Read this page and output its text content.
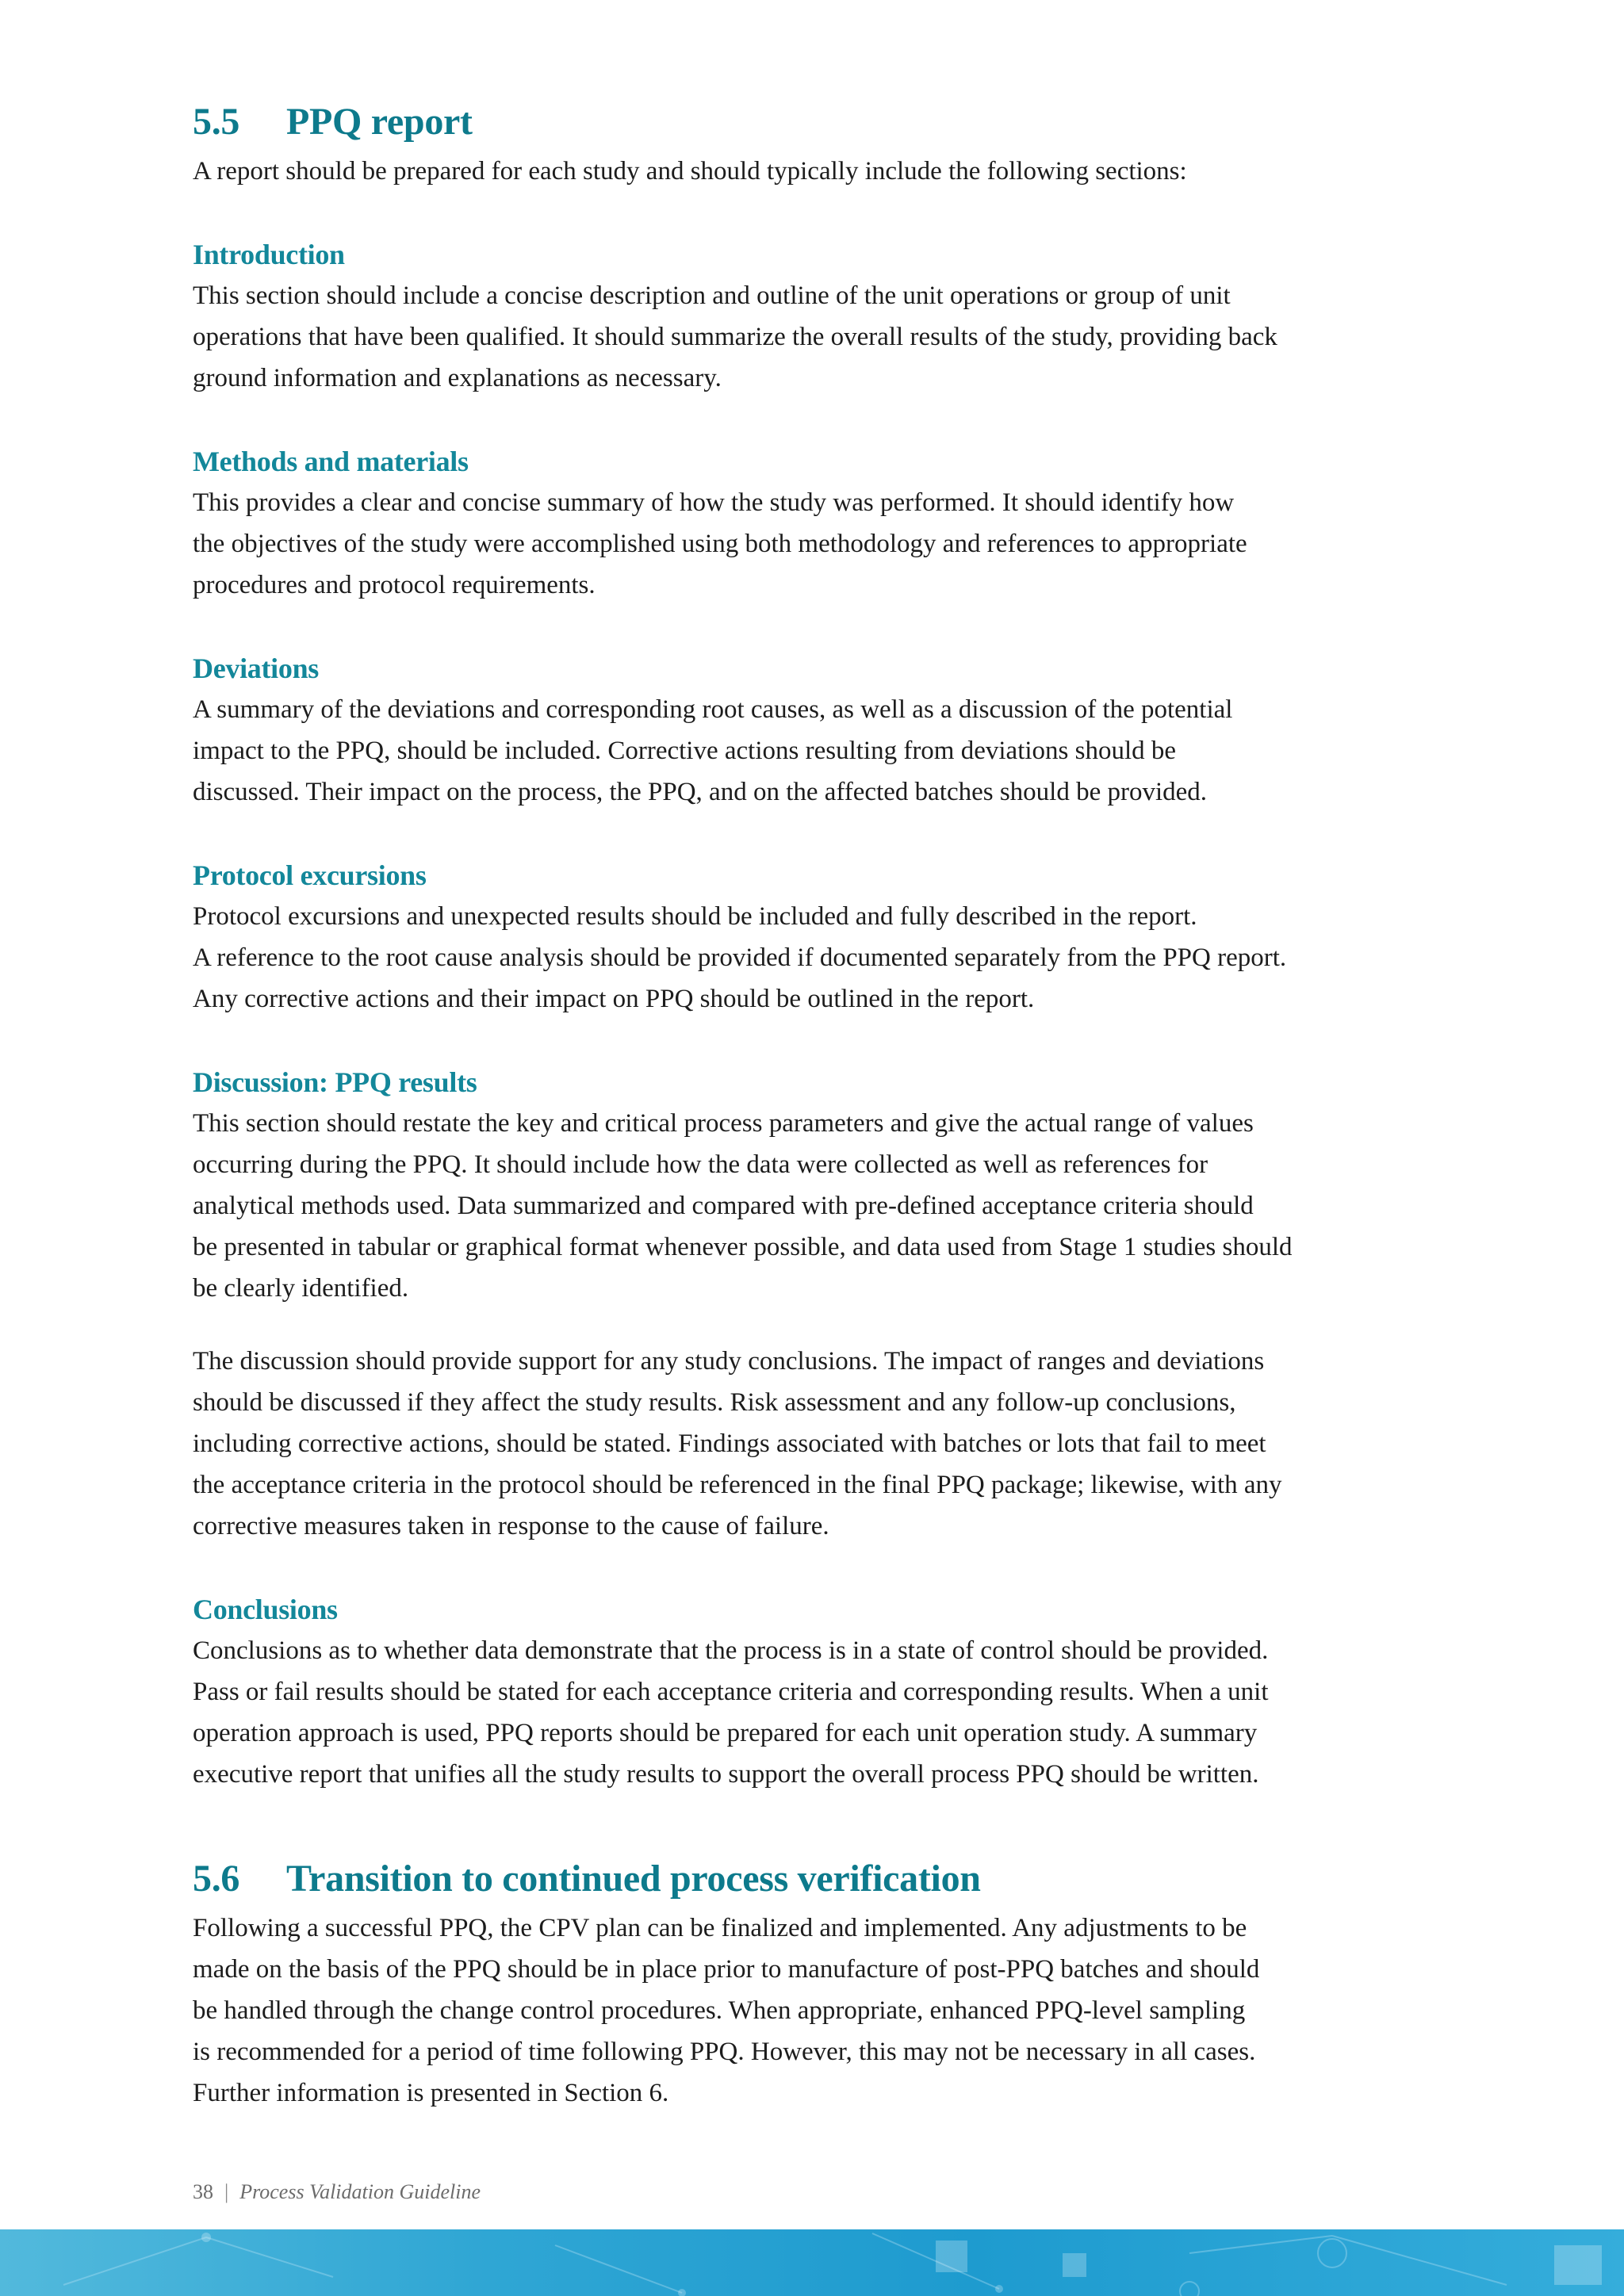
5.5 PPQ report

A report should be prepared for each study and should typically include the following sections:

Introduction

This section should include a concise description and outline of the unit operations or group of unit
operations that have been qualified. It should summarize the overall results of the study, providing back
ground information and explanations as necessary.

Methods and materials

This provides a clear and concise summary of how the study was performed. It should identify how
the objectives of the study were accomplished using both methodology and references to appropriate
procedures and protocol requirements.

Deviations

A summary of the deviations and corresponding root causes, as well as a discussion of the potential
impact to the PPQ, should be included. Corrective actions resulting from deviations should be
discussed. Their impact on the process, the PPQ, and on the affected batches should be provided.

Protocol excursions

Protocol excursions and unexpected results should be included and fully described in the report.
A reference to the root cause analysis should be provided if documented separately from the PPQ report.
Any corrective actions and their impact on PPQ should be outlined in the report.

Discussion: PPQ results

This section should restate the key and critical process parameters and give the actual range of values
occurring during the PPQ. It should include how the data were collected as well as references for
analytical methods used. Data summarized and compared with pre-defined acceptance criteria should
be presented in tabular or graphical format whenever possible, and data used from Stage 1 studies should
be clearly identified.

The discussion should provide support for any study conclusions. The impact of ranges and deviations
should be discussed if they affect the study results. Risk assessment and any follow-up conclusions,
including corrective actions, should be stated. Findings associated with batches or lots that fail to meet
the acceptance criteria in the protocol should be referenced in the final PPQ package; likewise, with any
corrective measures taken in response to the cause of failure.

Conclusions

Conclusions as to whether data demonstrate that the process is in a state of control should be provided.
Pass or fail results should be stated for each acceptance criteria and corresponding results. When a unit
operation approach is used, PPQ reports should be prepared for each unit operation study. A summary
executive report that unifies all the study results to support the overall process PPQ should be written.

5.6 Transition to continued process verification

Following a successful PPQ, the CPV plan can be finalized and implemented. Any adjustments to be
made on the basis of the PPQ should be in place prior to manufacture of post-PPQ batches and should
be handled through the change control procedures. When appropriate, enhanced PPQ-level sampling
is recommended for a period of time following PPQ. However, this may not be necessary in all cases.
Further information is presented in Section 6.

38 | Process Validation Guideline
